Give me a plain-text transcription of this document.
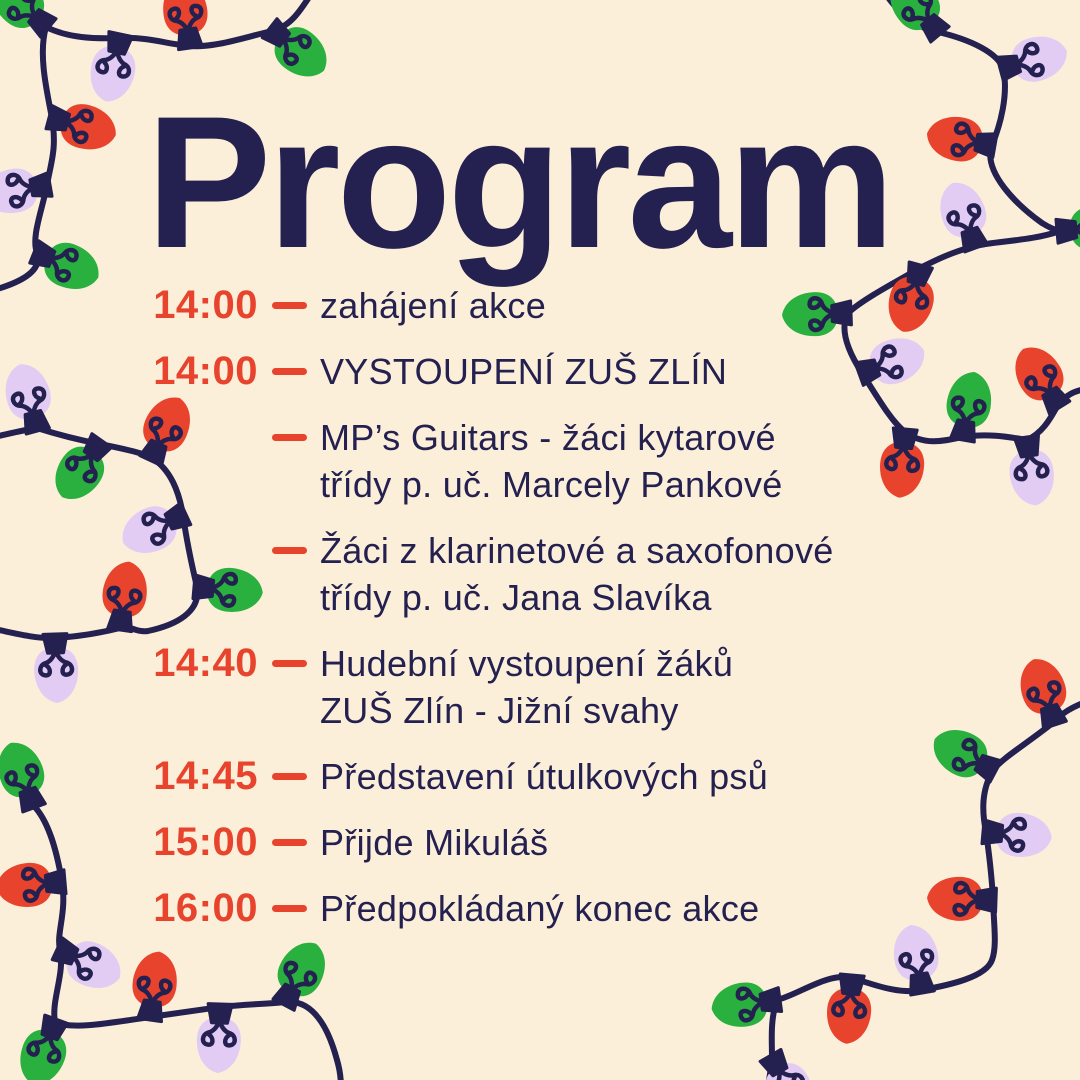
Program
14:00 zahájení akce
14:00 VYSTOUPENÍ ZUŠ ZLÍN
MP’s Guitars - žáci kytarové
třídy p. uč. Marcely Pankové
Žáci z klarinetové a saxofonové
třídy p. uč. Jana Slavíka
14:40 Hudební vystoupení žáků
ZUŠ Zlín - Jižní svahy
14:45 Představení útulkových psů
15:00 Přijde Mikuláš
16:00 Předpokládaný konec akce
